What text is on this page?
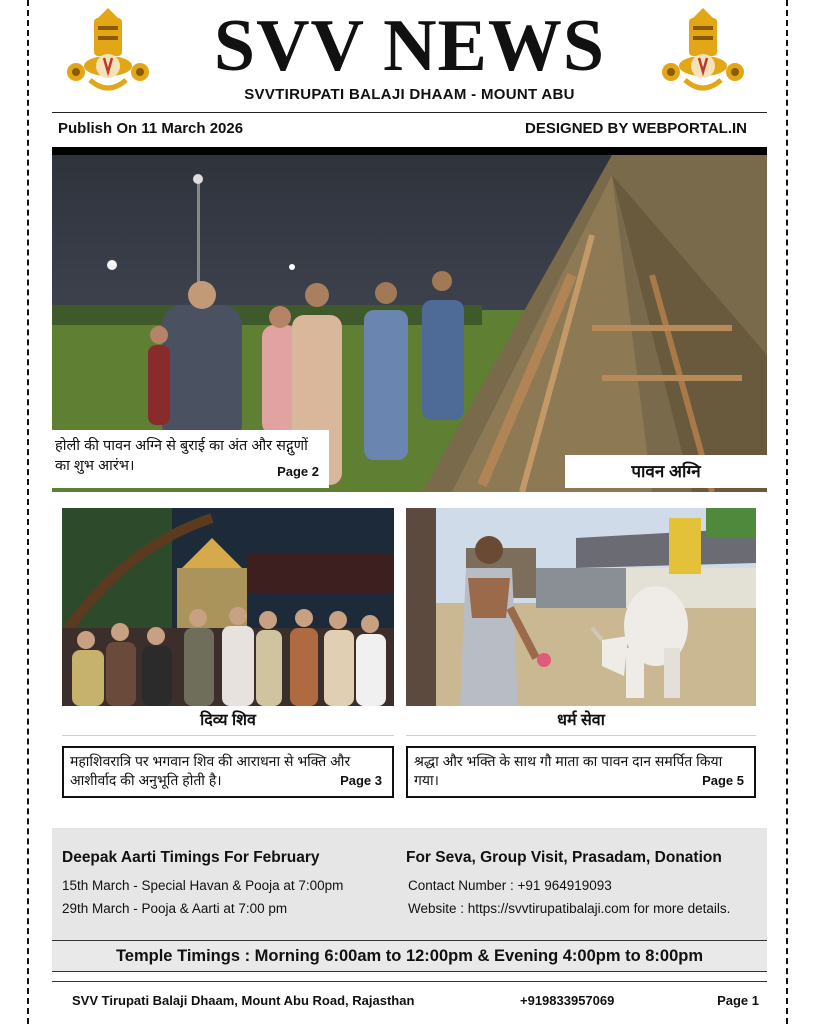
SVV NEWS
SVVTIRUPATI BALAJI DHAAM - MOUNT ABU
Publish On 11 March 2026	DESIGNED BY WEBPORTAL.IN
होली की पावन अग्नि से बुराई का अंत और सद्गुणों का शुभ आरंभ।	Page 2	पावन अग्नि
दिव्य शिव
महाशिवरात्रि पर भगवान शिव की आराधना से भक्ति और आशीर्वाद की अनुभूति होती है।	Page 3
धर्म सेवा
श्रद्धा और भक्ति के साथ गौ माता का पावन दान समर्पित किया गया।	Page 5
Deepak Aarti Timings For February
15th March - Special Havan & Pooja at 7:00pm
29th March - Pooja & Aarti at 7:00 pm
For Seva, Group Visit, Prasadam, Donation
Contact Number : +91 964919093
Website : https://svvtirupatibalaji.com for more details.
Temple Timings : Morning 6:00am to 12:00pm & Evening 4:00pm to 8:00pm
SVV Tirupati Balaji Dhaam, Mount Abu Road, Rajasthan	+919833957069	Page 1
